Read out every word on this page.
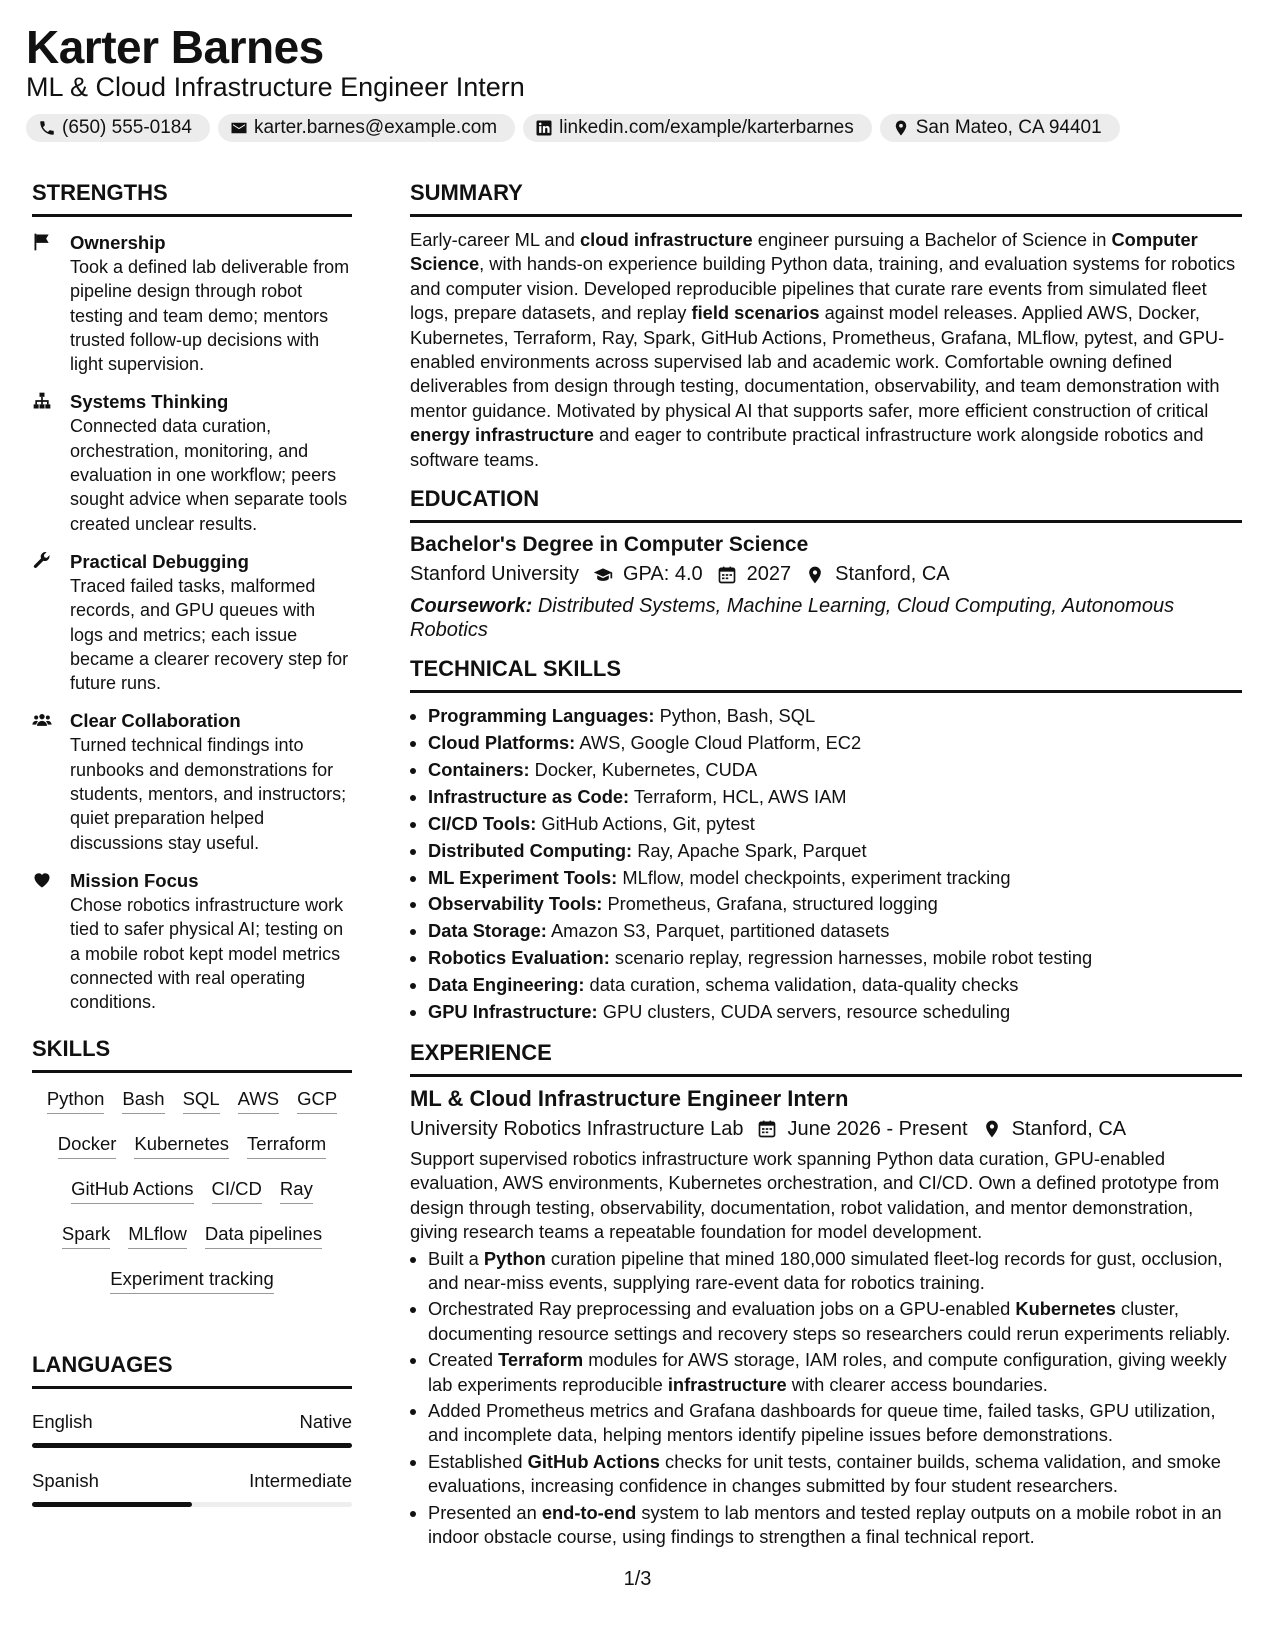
Karter Barnes
ML & Cloud Infrastructure Engineer Intern
(650) 555-0184	karter.barnes@example.com	linkedin.com/example/karterbarnes	San Mateo, CA 94401
STRENGTHS
Ownership
Took a defined lab deliverable from pipeline design through robot testing and team demo; mentors trusted follow-up decisions with light supervision.
Systems Thinking
Connected data curation, orchestration, monitoring, and evaluation in one workflow; peers sought advice when separate tools created unclear results.
Practical Debugging
Traced failed tasks, malformed records, and GPU queues with logs and metrics; each issue became a clearer recovery step for future runs.
Clear Collaboration
Turned technical findings into runbooks and demonstrations for students, mentors, and instructors; quiet preparation helped discussions stay useful.
Mission Focus
Chose robotics infrastructure work tied to safer physical AI; testing on a mobile robot kept model metrics connected with real operating conditions.
SKILLS
Python Bash SQL AWS GCP
Docker Kubernetes Terraform
GitHub Actions CI/CD Ray
Spark MLflow Data pipelines
Experiment tracking
LANGUAGES
English	Native
Spanish	Intermediate
SUMMARY
Early-career ML and cloud infrastructure engineer pursuing a Bachelor of Science in Computer Science, with hands-on experience building Python data, training, and evaluation systems for robotics and computer vision. Developed reproducible pipelines that curate rare events from simulated fleet logs, prepare datasets, and replay field scenarios against model releases. Applied AWS, Docker, Kubernetes, Terraform, Ray, Spark, GitHub Actions, Prometheus, Grafana, MLflow, pytest, and GPU-enabled environments across supervised lab and academic work. Comfortable owning defined deliverables from design through testing, documentation, observability, and team demonstration with mentor guidance. Motivated by physical AI that supports safer, more efficient construction of critical energy infrastructure and eager to contribute practical infrastructure work alongside robotics and software teams.
EDUCATION
Bachelor's Degree in Computer Science
Stanford University GPA: 4.0 2027 Stanford, CA
Coursework: Distributed Systems, Machine Learning, Cloud Computing, Autonomous Robotics
TECHNICAL SKILLS
• Programming Languages: Python, Bash, SQL
• Cloud Platforms: AWS, Google Cloud Platform, EC2
• Containers: Docker, Kubernetes, CUDA
• Infrastructure as Code: Terraform, HCL, AWS IAM
• CI/CD Tools: GitHub Actions, Git, pytest
• Distributed Computing: Ray, Apache Spark, Parquet
• ML Experiment Tools: MLflow, model checkpoints, experiment tracking
• Observability Tools: Prometheus, Grafana, structured logging
• Data Storage: Amazon S3, Parquet, partitioned datasets
• Robotics Evaluation: scenario replay, regression harnesses, mobile robot testing
• Data Engineering: data curation, schema validation, data-quality checks
• GPU Infrastructure: GPU clusters, CUDA servers, resource scheduling
EXPERIENCE
ML & Cloud Infrastructure Engineer Intern
University Robotics Infrastructure Lab June 2026 - Present Stanford, CA
Support supervised robotics infrastructure work spanning Python data curation, GPU-enabled evaluation, AWS environments, Kubernetes orchestration, and CI/CD. Own a defined prototype from design through testing, observability, documentation, robot validation, and mentor demonstration, giving research teams a repeatable foundation for model development.
• Built a Python curation pipeline that mined 180,000 simulated fleet-log records for gust, occlusion, and near-miss events, supplying rare-event data for robotics training.
• Orchestrated Ray preprocessing and evaluation jobs on a GPU-enabled Kubernetes cluster, documenting resource settings and recovery steps so researchers could rerun experiments reliably.
• Created Terraform modules for AWS storage, IAM roles, and compute configuration, giving weekly lab experiments reproducible infrastructure with clearer access boundaries.
• Added Prometheus metrics and Grafana dashboards for queue time, failed tasks, GPU utilization, and incomplete data, helping mentors identify pipeline issues before demonstrations.
• Established GitHub Actions checks for unit tests, container builds, schema validation, and smoke evaluations, increasing confidence in changes submitted by four student researchers.
• Presented an end-to-end system to lab mentors and tested replay outputs on a mobile robot in an indoor obstacle course, using findings to strengthen a final technical report.
1/3
